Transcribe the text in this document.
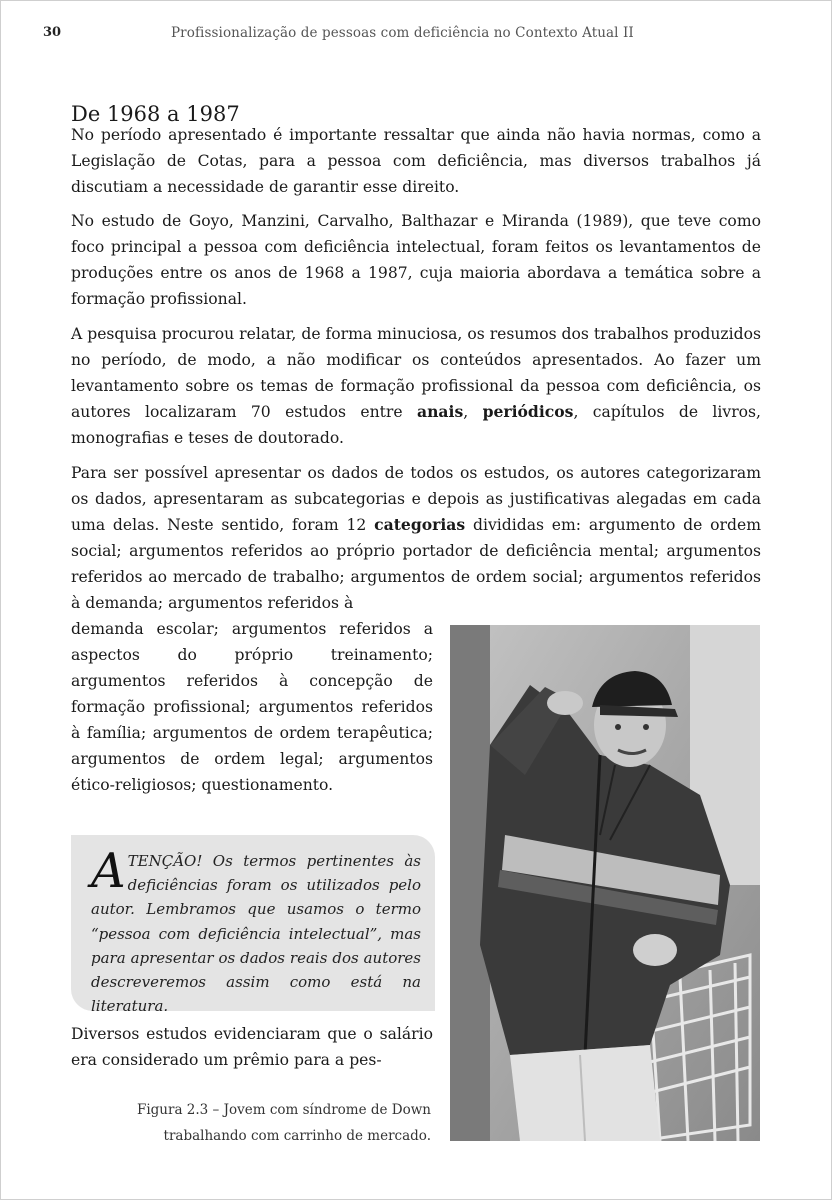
30	Profissionalização de pessoas com deficiência no Contexto Atual II
De 1968 a 1987

No período apresentado é importante ressaltar que ainda não havia normas, como a Legislação de Cotas, para a pessoa com deficiência, mas diversos trabalhos já discutiam a necessidade de garantir esse direito.

No estudo de Goyo, Manzini, Carvalho, Balthazar e Miranda (1989), que teve como foco principal a pessoa com deficiência intelectual, foram feitos os levantamentos de produções entre os anos de 1968 a 1987, cuja maioria abordava a temática sobre a formação profissional.

A pesquisa procurou relatar, de forma minuciosa, os resumos dos trabalhos produzidos no período, de modo, a não modificar os conteúdos apresentados. Ao fazer um levantamento sobre os temas de formação profissional da pessoa com deficiência, os autores localizaram 70 estudos entre anais, periódicos, capítulos de livros, monografias e teses de doutorado.

Para ser possível apresentar os dados de todos os estudos, os autores categorizaram os dados, apresentaram as subcategorias e depois as justificativas alegadas em cada uma delas. Neste sentido, foram 12 categorias divididas em: argumento de ordem social; argumentos referidos ao próprio portador de deficiência mental; argumentos referidos ao mercado de trabalho; argumentos de ordem social; argumentos referidos à demanda; argumentos referidos à

demanda escolar; argumentos referidos a aspectos do próprio treinamento; argumentos referidos à concepção de formação profissional; argumentos referidos à família; argumentos de ordem terapêutica; argumentos de ordem legal; argumentos ético-religiosos; questionamento.

ATENÇÃO! Os termos pertinentes às deficiências foram os utilizados pelo autor. Lembramos que usamos o termo “pessoa com deficiência intelectual”, mas para apresentar os dados reais dos autores descreveremos assim como está na literatura.

Diversos estudos evidenciaram que o salário era considerado um prêmio para a pes-

Figura 2.3 – Jovem com síndrome de Down
trabalhando com carrinho de mercado.
